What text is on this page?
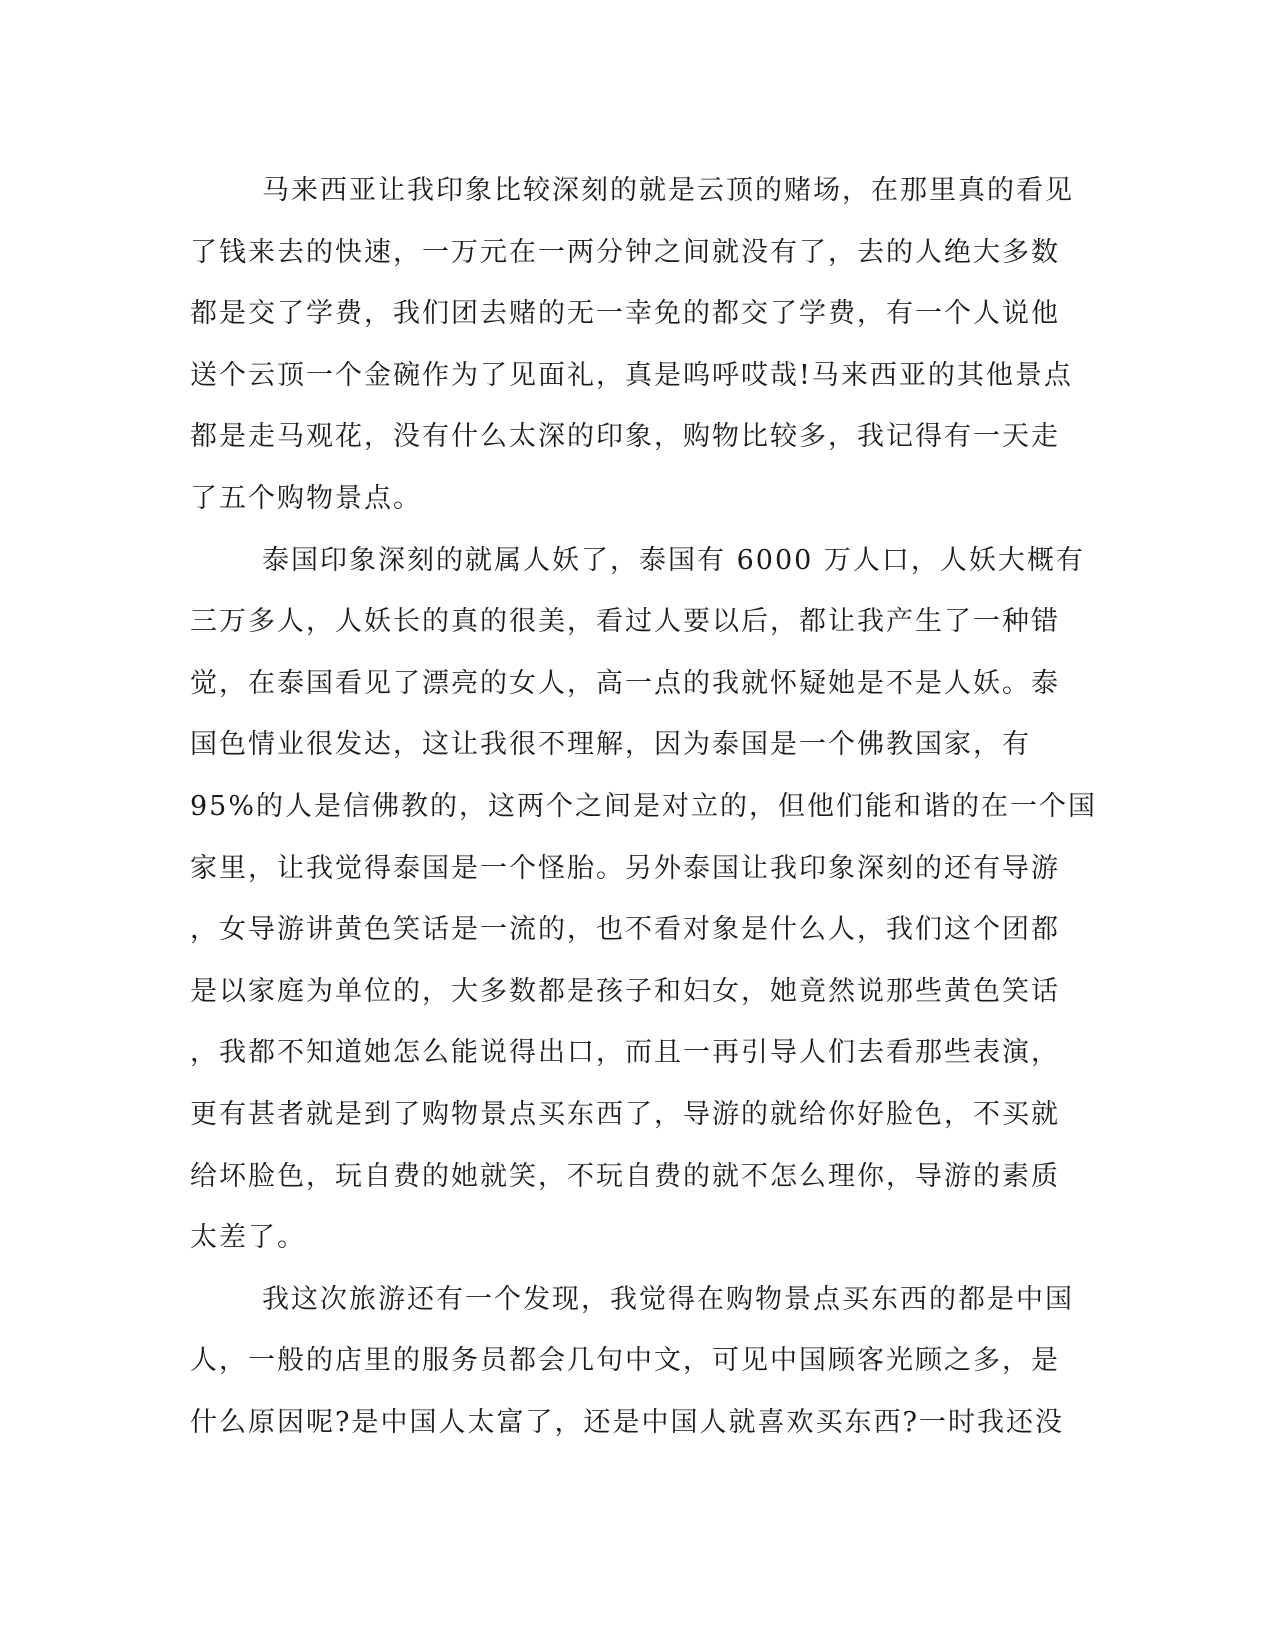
马来西亚让我印象比较深刻的就是云顶的赌场，在那里真的看见
了钱来去的快速，一万元在一两分钟之间就没有了，去的人绝大多数
都是交了学费，我们团去赌的无一幸免的都交了学费，有一个人说他
送个云顶一个金碗作为了见面礼，真是呜呼哎哉!马来西亚的其他景点
都是走马观花，没有什么太深的印象，购物比较多，我记得有一天走
了五个购物景点。
泰国印象深刻的就属人妖了，泰国有 6000 万人口，人妖大概有
三万多人，人妖长的真的很美，看过人要以后，都让我产生了一种错
觉，在泰国看见了漂亮的女人，高一点的我就怀疑她是不是人妖。泰
国色情业很发达，这让我很不理解，因为泰国是一个佛教国家，有
95%的人是信佛教的，这两个之间是对立的，但他们能和谐的在一个国
家里，让我觉得泰国是一个怪胎。另外泰国让我印象深刻的还有导游
，女导游讲黄色笑话是一流的，也不看对象是什么人，我们这个团都
是以家庭为单位的，大多数都是孩子和妇女，她竟然说那些黄色笑话
，我都不知道她怎么能说得出口，而且一再引导人们去看那些表演，
更有甚者就是到了购物景点买东西了，导游的就给你好脸色，不买就
给坏脸色，玩自费的她就笑，不玩自费的就不怎么理你，导游的素质
太差了。
我这次旅游还有一个发现，我觉得在购物景点买东西的都是中国
人，一般的店里的服务员都会几句中文，可见中国顾客光顾之多，是
什么原因呢?是中国人太富了，还是中国人就喜欢买东西?一时我还没
